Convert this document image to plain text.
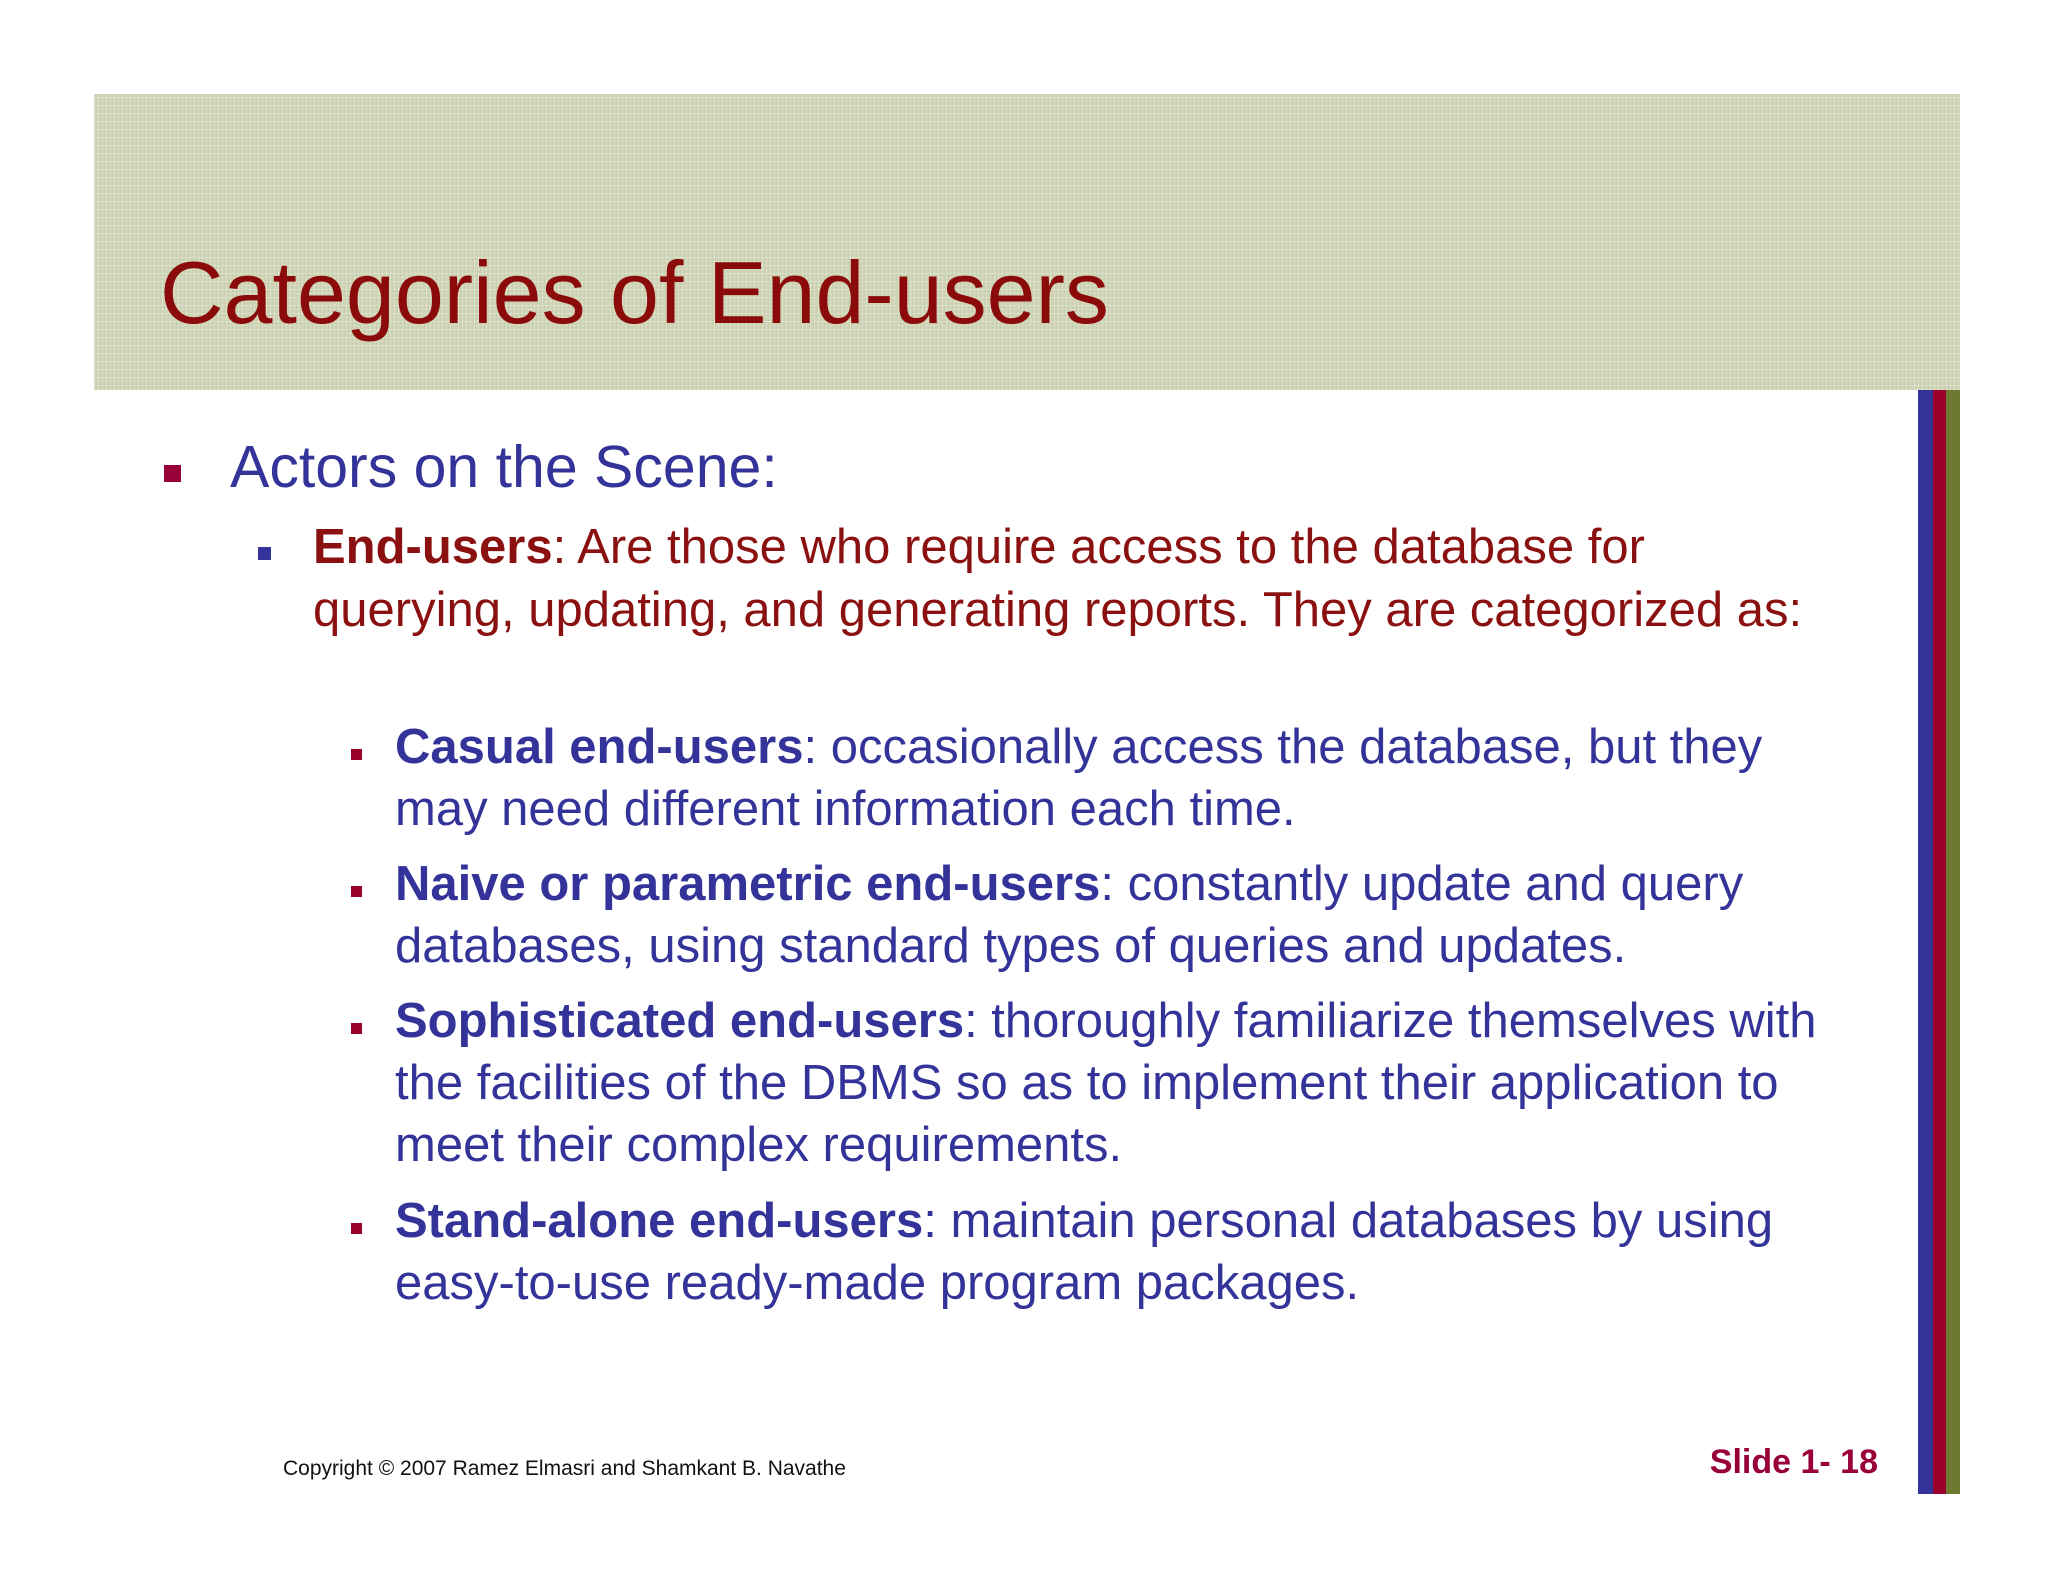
Categories of End-users
Actors on the Scene:
End-users: Are those who require access to the database for querying, updating, and generating reports. They are categorized as:
Casual end-users: occasionally access the database, but they may need different information each time.
Naive or parametric end-users: constantly update and query databases, using standard types of queries and updates.
Sophisticated end-users: thoroughly familiarize themselves with the facilities of the DBMS so as to implement their application to meet their complex requirements.
Stand-alone end-users: maintain personal databases by using easy-to-use ready-made program packages.
Copyright © 2007 Ramez Elmasri and Shamkant B. Navathe	Slide 1- 18
